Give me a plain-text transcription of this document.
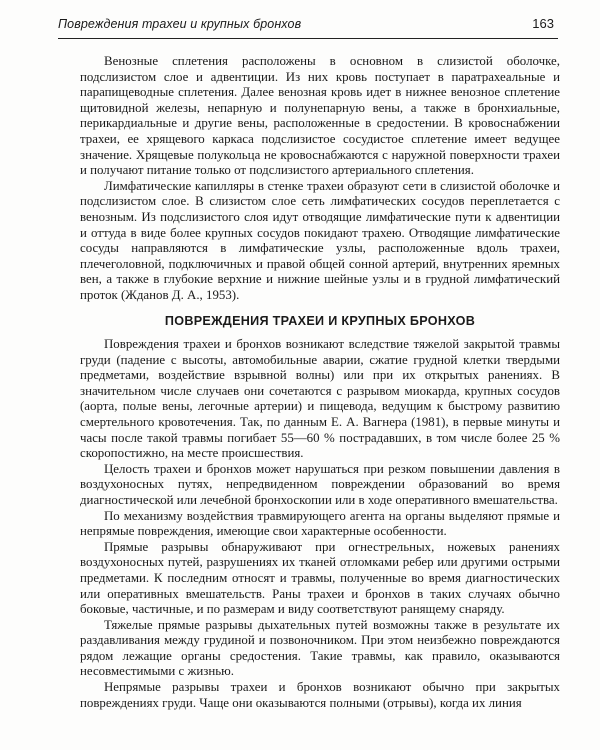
Повреждения трахеи и крупных бронхов	163

Венозные сплетения расположены в основном в слизистой оболочке, подслизистом слое и адвентиции. Из них кровь поступает в паратрахеальные и парапищеводные сплетения. Далее венозная кровь идет в нижнее венозное сплетение щитовидной железы, непарную и полунепарную вены, а также в бронхиальные, перикардиальные и другие вены, расположенные в средостении. В кровоснабжении трахеи, ее хрящевого каркаса подслизистое сосудистое сплетение имеет ведущее значение. Хрящевые полукольца не кровоснабжаются с наружной поверхности трахеи и получают питание только от подслизистого артериального сплетения.

Лимфатические капилляры в стенке трахеи образуют сети в слизистой оболочке и подслизистом слое. В слизистом слое сеть лимфатических сосудов переплетается с венозным. Из подслизистого слоя идут отводящие лимфатические пути к адвентиции и оттуда в виде более крупных сосудов покидают трахею. Отводящие лимфатические сосуды направляются в лимфатические узлы, расположенные вдоль трахеи, плечеголовной, подключичных и правой общей сонной артерий, внутренних яремных вен, а также в глубокие верхние и нижние шейные узлы и в грудной лимфатический проток (Жданов Д. А., 1953).

ПОВРЕЖДЕНИЯ ТРАХЕИ И КРУПНЫХ БРОНХОВ

Повреждения трахеи и бронхов возникают вследствие тяжелой закрытой травмы груди (падение с высоты, автомобильные аварии, сжатие грудной клетки твердыми предметами, воздействие взрывной волны) или при их открытых ранениях. В значительном числе случаев они сочетаются с разрывом миокарда, крупных сосудов (аорта, полые вены, легочные артерии) и пищевода, ведущим к быстрому развитию смертельного кровотечения. Так, по данным Е. А. Вагнера (1981), в первые минуты и часы после такой травмы погибает 55—60 % пострадавших, в том числе более 25 % скоропостижно, на месте происшествия.

Целость трахеи и бронхов может нарушаться при резком повышении давления в воздухоносных путях, непредвиденном повреждении образований во время диагностической или лечебной бронхоскопии или в ходе оперативного вмешательства.

По механизму воздействия травмирующего агента на органы выделяют прямые и непрямые повреждения, имеющие свои характерные особенности.

Прямые разрывы обнаруживают при огнестрельных, ножевых ранениях воздухоносных путей, разрушениях их тканей отломками ребер или другими острыми предметами. К последним относят и травмы, полученные во время диагностических или оперативных вмешательств. Раны трахеи и бронхов в таких случаях обычно боковые, частичные, и по размерам и виду соответствуют ранящему снаряду.

Тяжелые прямые разрывы дыхательных путей возможны также в результате их раздавливания между грудиной и позвоночником. При этом неизбежно повреждаются рядом лежащие органы средостения. Такие травмы, как правило, оказываются несовместимыми с жизнью.

Непрямые разрывы трахеи и бронхов возникают обычно при закрытых повреждениях груди. Чаще они оказываются полными (отрывы), когда их линия
